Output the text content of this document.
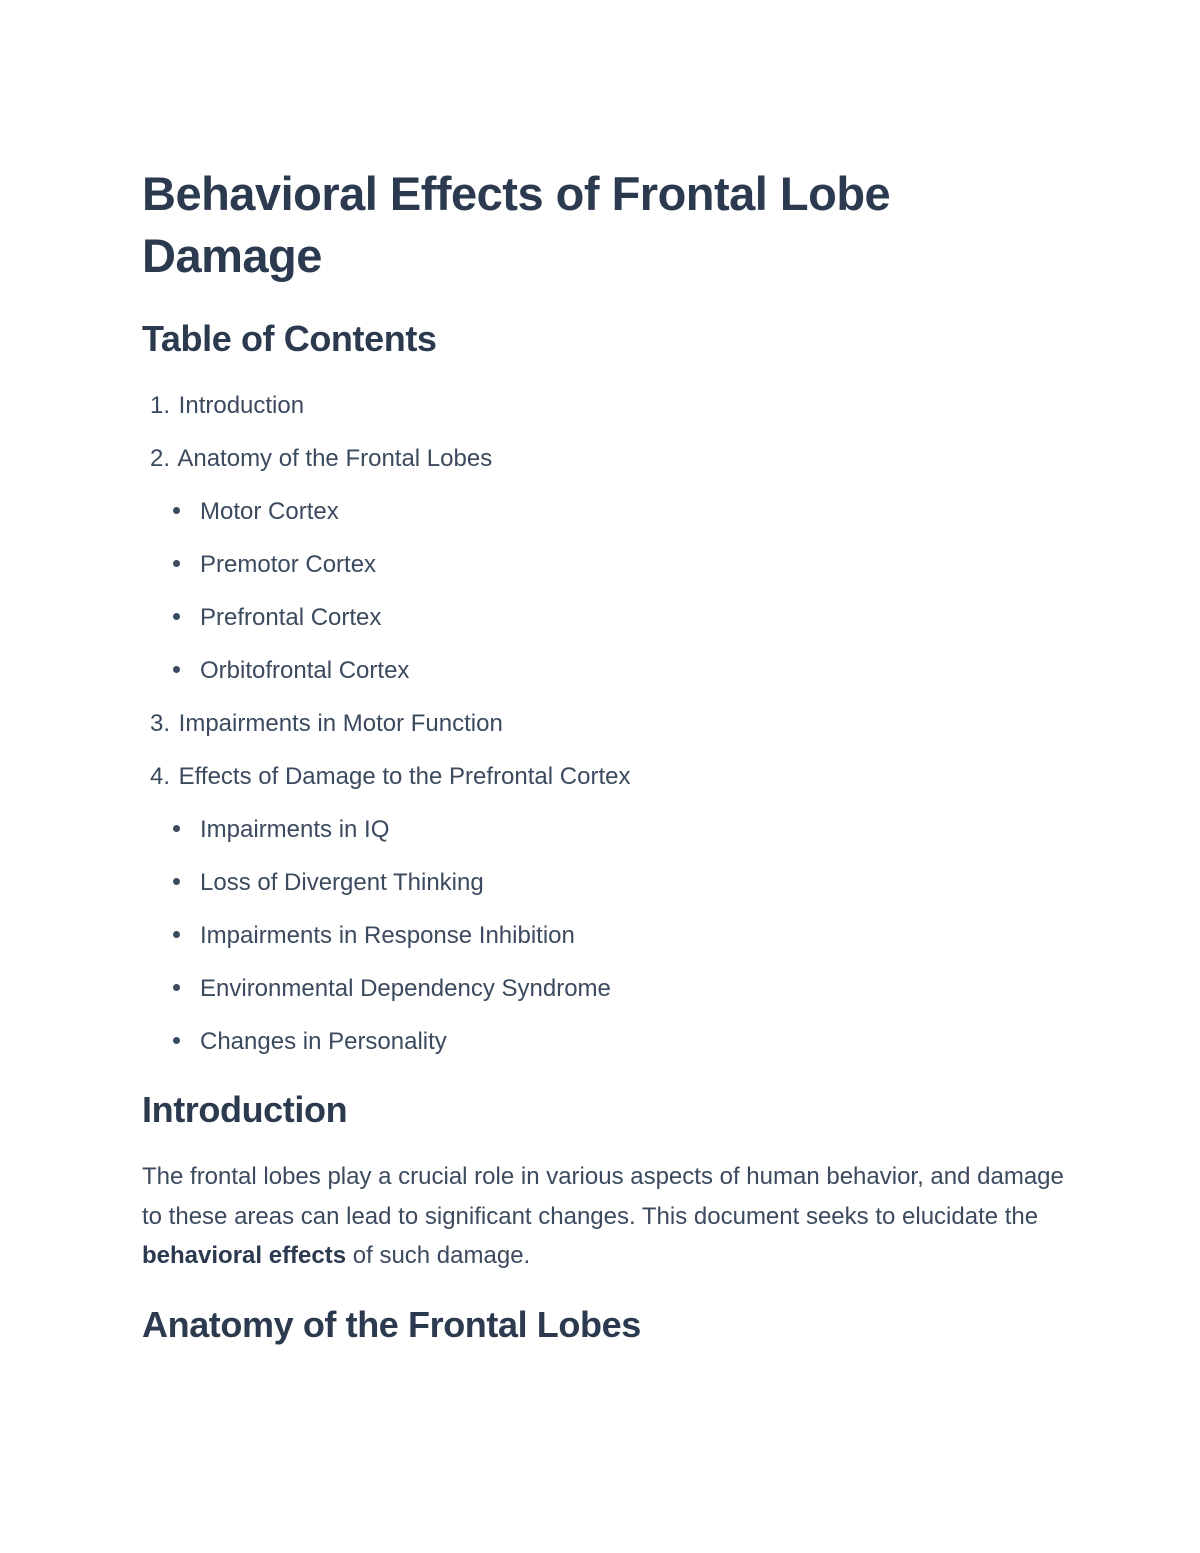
Behavioral Effects of Frontal Lobe Damage
Table of Contents
1. Introduction
2. Anatomy of the Frontal Lobes
Motor Cortex
Premotor Cortex
Prefrontal Cortex
Orbitofrontal Cortex
3. Impairments in Motor Function
4. Effects of Damage to the Prefrontal Cortex
Impairments in IQ
Loss of Divergent Thinking
Impairments in Response Inhibition
Environmental Dependency Syndrome
Changes in Personality
Introduction

The frontal lobes play a crucial role in various aspects of human behavior, and damage to these areas can lead to significant changes. This document seeks to elucidate the behavioral effects of such damage.

Anatomy of the Frontal Lobes
